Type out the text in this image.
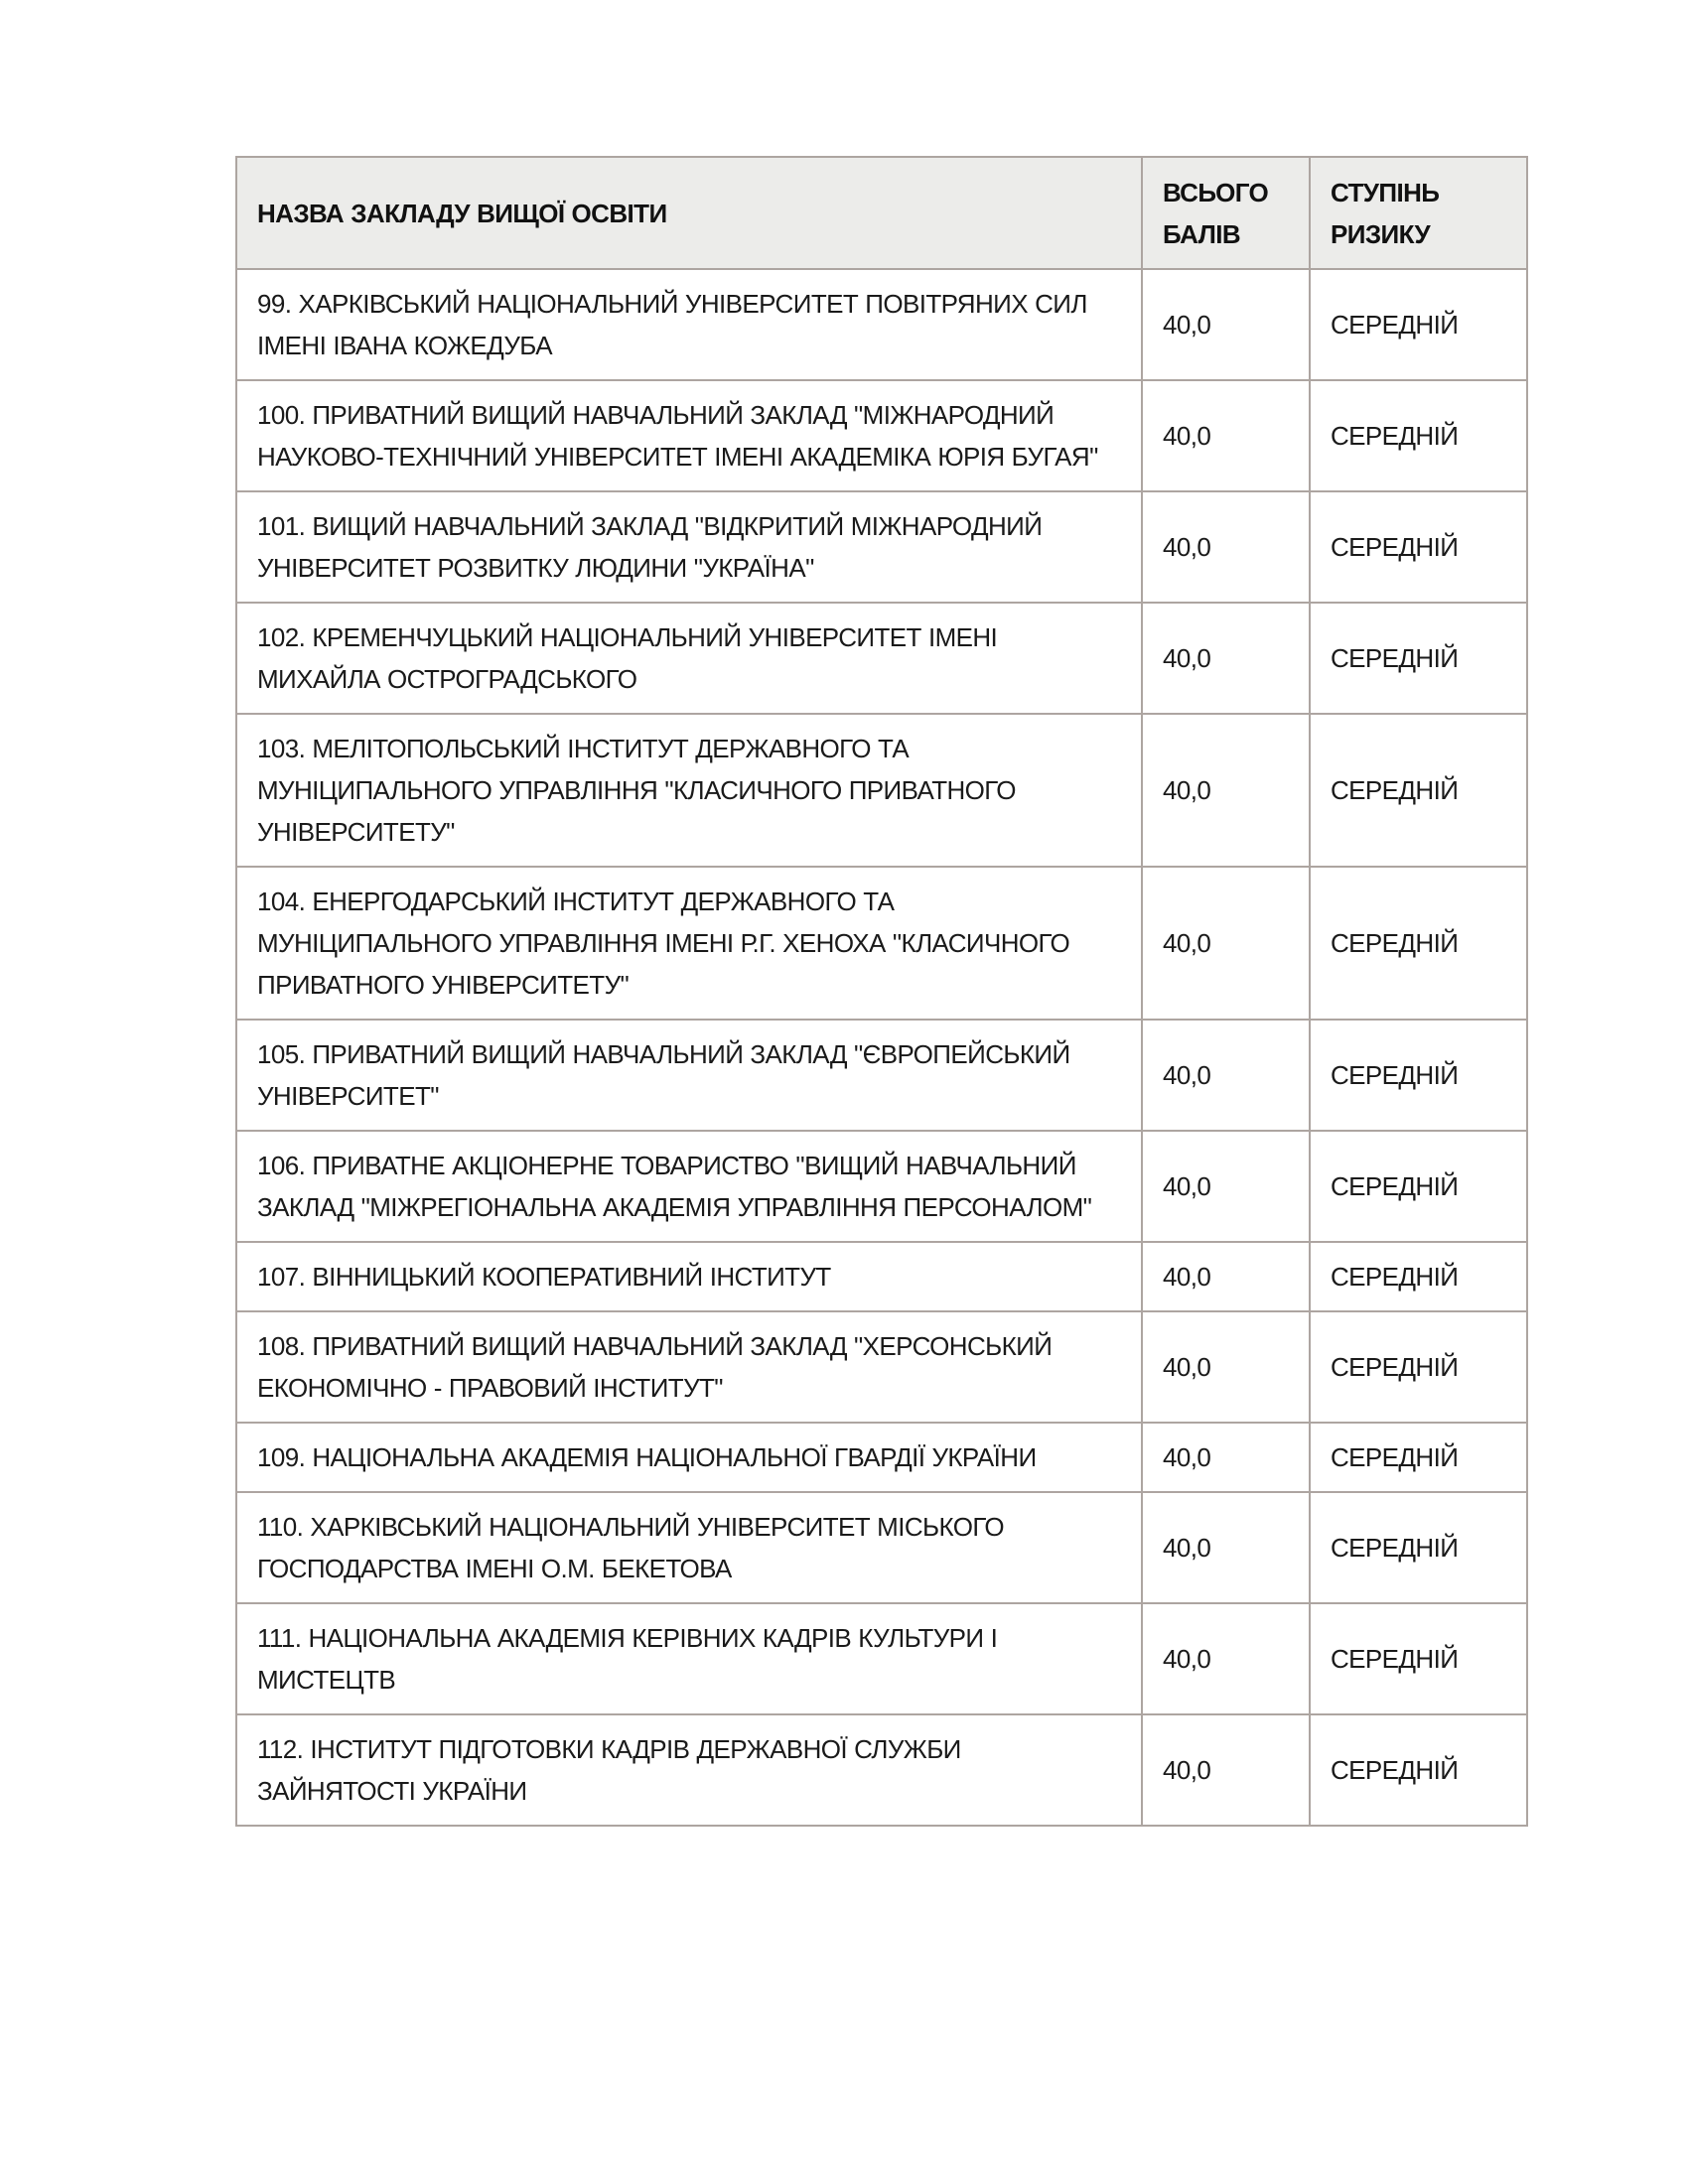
НАЗВА ЗАКЛАДУ ВИЩОЇ ОСВІТИ	ВСЬОГО БАЛІВ	СТУПІНЬ РИЗИКУ
99. ХАРКІВСЬКИЙ НАЦІОНАЛЬНИЙ УНІВЕРСИТЕТ ПОВІТРЯНИХ СИЛ ІМЕНІ ІВАНА КОЖЕДУБА	40,0	СЕРЕДНІЙ
100. ПРИВАТНИЙ ВИЩИЙ НАВЧАЛЬНИЙ ЗАКЛАД "МІЖНАРОДНИЙ НАУКОВО-ТЕХНІЧНИЙ УНІВЕРСИТЕТ ІМЕНІ АКАДЕМІКА ЮРІЯ БУГАЯ"	40,0	СЕРЕДНІЙ
101. ВИЩИЙ НАВЧАЛЬНИЙ ЗАКЛАД "ВІДКРИТИЙ МІЖНАРОДНИЙ УНІВЕРСИТЕТ РОЗВИТКУ ЛЮДИНИ "УКРАЇНА"	40,0	СЕРЕДНІЙ
102. КРЕМЕНЧУЦЬКИЙ НАЦІОНАЛЬНИЙ УНІВЕРСИТЕТ ІМЕНІ МИХАЙЛА ОСТРОГРАДСЬКОГО	40,0	СЕРЕДНІЙ
103. МЕЛІТОПОЛЬСЬКИЙ ІНСТИТУТ ДЕРЖАВНОГО ТА МУНІЦИПАЛЬНОГО УПРАВЛІННЯ "КЛАСИЧНОГО ПРИВАТНОГО УНІВЕРСИТЕТУ"	40,0	СЕРЕДНІЙ
104. ЕНЕРГОДАРСЬКИЙ ІНСТИТУТ ДЕРЖАВНОГО ТА МУНІЦИПАЛЬНОГО УПРАВЛІННЯ ІМЕНІ Р.Г. ХЕНОХА "КЛАСИЧНОГО ПРИВАТНОГО УНІВЕРСИТЕТУ"	40,0	СЕРЕДНІЙ
105. ПРИВАТНИЙ ВИЩИЙ НАВЧАЛЬНИЙ ЗАКЛАД "ЄВРОПЕЙСЬКИЙ УНІВЕРСИТЕТ"	40,0	СЕРЕДНІЙ
106. ПРИВАТНЕ АКЦІОНЕРНЕ ТОВАРИСТВО "ВИЩИЙ НАВЧАЛЬНИЙ ЗАКЛАД "МІЖРЕГІОНАЛЬНА АКАДЕМІЯ УПРАВЛІННЯ ПЕРСОНАЛОМ"	40,0	СЕРЕДНІЙ
107. ВІННИЦЬКИЙ КООПЕРАТИВНИЙ ІНСТИТУТ	40,0	СЕРЕДНІЙ
108. ПРИВАТНИЙ ВИЩИЙ НАВЧАЛЬНИЙ ЗАКЛАД "ХЕРСОНСЬКИЙ ЕКОНОМІЧНО - ПРАВОВИЙ ІНСТИТУТ"	40,0	СЕРЕДНІЙ
109. НАЦІОНАЛЬНА АКАДЕМІЯ НАЦІОНАЛЬНОЇ ГВАРДІЇ УКРАЇНИ	40,0	СЕРЕДНІЙ
110. ХАРКІВСЬКИЙ НАЦІОНАЛЬНИЙ УНІВЕРСИТЕТ МІСЬКОГО ГОСПОДАРСТВА ІМЕНІ О.М. БЕКЕТОВА	40,0	СЕРЕДНІЙ
111. НАЦІОНАЛЬНА АКАДЕМІЯ КЕРІВНИХ КАДРІВ КУЛЬТУРИ І МИСТЕЦТВ	40,0	СЕРЕДНІЙ
112. ІНСТИТУТ ПІДГОТОВКИ КАДРІВ ДЕРЖАВНОЇ СЛУЖБИ ЗАЙНЯТОСТІ УКРАЇНИ	40,0	СЕРЕДНІЙ
